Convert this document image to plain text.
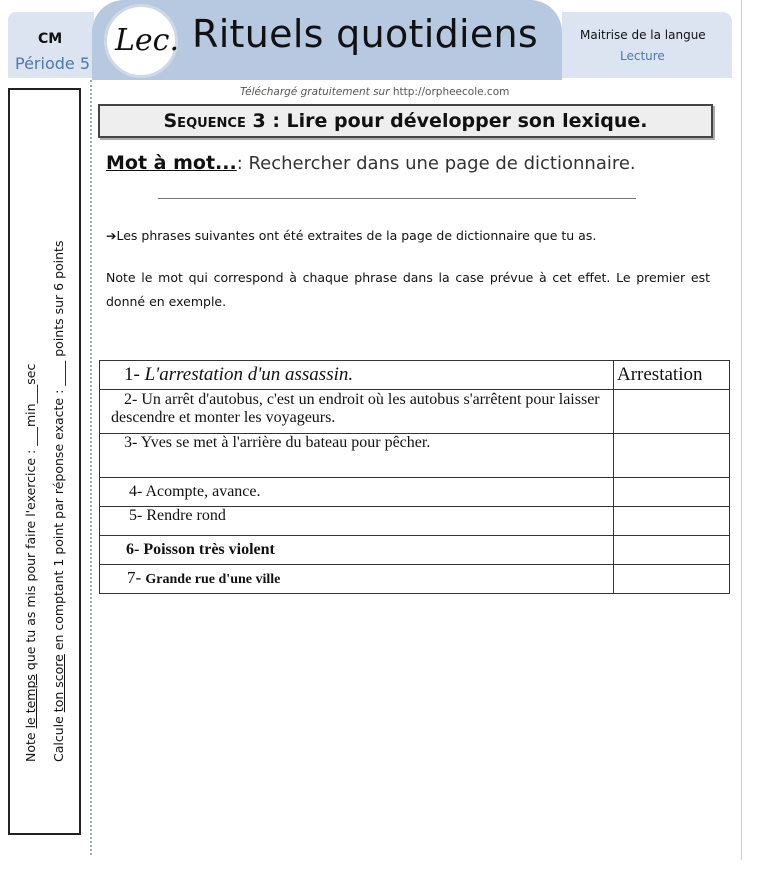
CM
Période 5
Lec. Rituels quotidiens	Maitrise de la langue
Lecture
Téléchargé gratuitement sur http://orpheecole.com
Note le temps que tu as mis pour faire l'exercice : ___min___sec
Calcule ton score en comptant 1 point par réponse exacte : ____ points sur 6 points
Sequence 3 : Lire pour développer son lexique.
Mot à mot...: Rechercher dans une page de dictionnaire.
➔Les phrases suivantes ont été extraites de la page de dictionnaire que tu as.
Note le mot qui correspond à chaque phrase dans la case prévue à cet effet. Le premier est donné en exemple.
1- L'arrestation d'un assassin.	Arrestation

2- Un arrêt d'autobus, c'est un endroit où les autobus s'arrêtent pour laisser descendre et monter les voyageurs.	

3- Yves se met à l'arrière du bateau pour pêcher.	
4- Acompte, avance.	
5- Rendre rond	
6- Poisson très violent	
7- Grande rue d'une ville	
